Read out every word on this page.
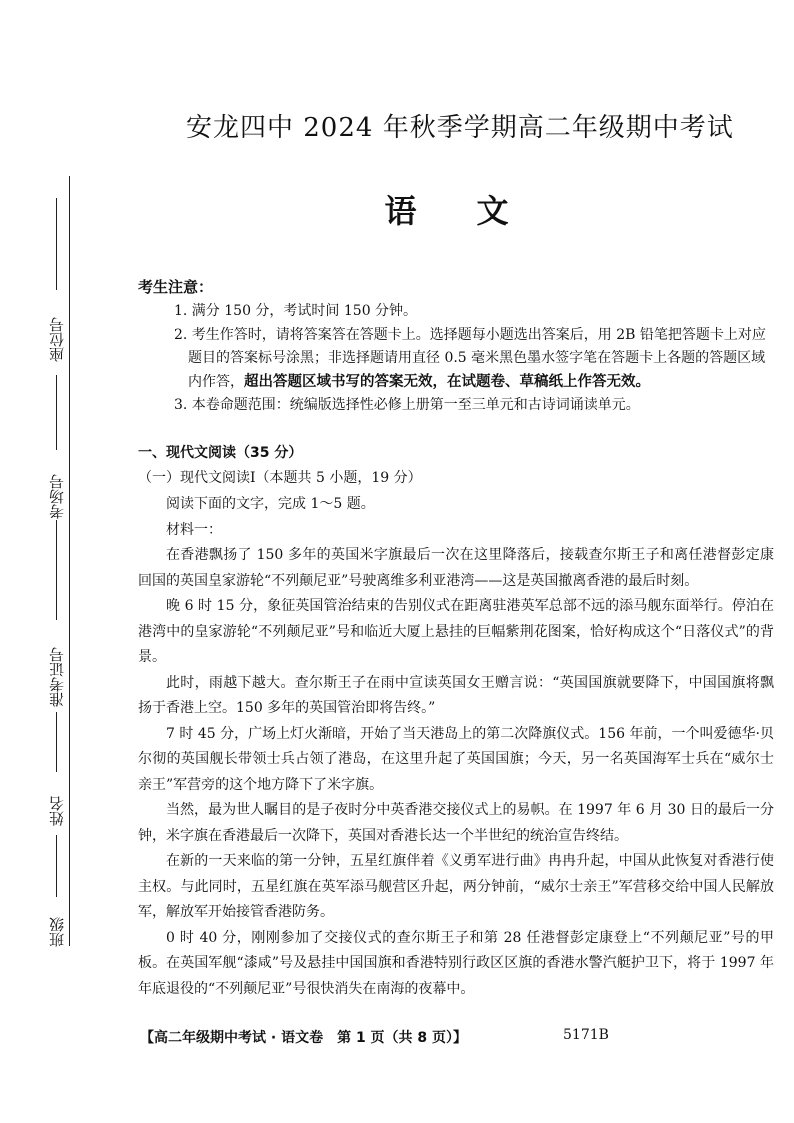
座位号
考场号
准考证号
姓名
班级
安龙四中 2024 年秋季学期高二年级期中考试
语文
考生注意：

1. 满分 150 分，考试时间 150 分钟。

2. 考生作答时，请将答案答在答题卡上。选择题每小题选出答案后，用 2B 铅笔把答题卡上对应题目的答案标号涂黑；非选择题请用直径 0.5 毫米黑色墨水签字笔在答题卡上各题的答题区域内作答，超出答题区域书写的答案无效，在试题卷、草稿纸上作答无效。

3. 本卷命题范围：统编版选择性必修上册第一至三单元和古诗词诵读单元。

一、现代文阅读（35 分）
（一）现代文阅读Ⅰ（本题共 5 小题，19 分）

阅读下面的文字，完成 1～5 题。

材料一：

在香港飘扬了 150 多年的英国米字旗最后一次在这里降落后，接载查尔斯王子和离任港督彭定康回国的英国皇家游轮“不列颠尼亚”号驶离维多利亚港湾——这是英国撤离香港的最后时刻。

晚 6 时 15 分，象征英国管治结束的告别仪式在距离驻港英军总部不远的添马舰东面举行。停泊在港湾中的皇家游轮“不列颠尼亚”号和临近大厦上悬挂的巨幅紫荆花图案，恰好构成这个“日落仪式”的背景。

此时，雨越下越大。查尔斯王子在雨中宣读英国女王赠言说：“英国国旗就要降下，中国国旗将飘扬于香港上空。150 多年的英国管治即将告终。”

7 时 45 分，广场上灯火渐暗，开始了当天港岛上的第二次降旗仪式。156 年前，一个叫爱德华·贝尔彻的英国舰长带领士兵占领了港岛，在这里升起了英国国旗；今天，另一名英国海军士兵在“威尔士亲王”军营旁的这个地方降下了米字旗。

当然，最为世人瞩目的是子夜时分中英香港交接仪式上的易帜。在 1997 年 6 月 30 日的最后一分钟，米字旗在香港最后一次降下，英国对香港长达一个半世纪的统治宣告终结。

在新的一天来临的第一分钟，五星红旗伴着《义勇军进行曲》冉冉升起，中国从此恢复对香港行使主权。与此同时，五星红旗在英军添马舰营区升起，两分钟前，“威尔士亲王”军营移交给中国人民解放军，解放军开始接管香港防务。

0 时 40 分，刚刚参加了交接仪式的查尔斯王子和第 28 任港督彭定康登上“不列颠尼亚”号的甲板。在英国军舰“漆咸”号及悬挂中国国旗和香港特别行政区区旗的香港水警汽艇护卫下，将于 1997 年年底退役的“不列颠尼亚”号很快消失在南海的夜幕中。

【高二年级期中考试 · 语文卷　第 1 页（共 8 页）】	5171B
